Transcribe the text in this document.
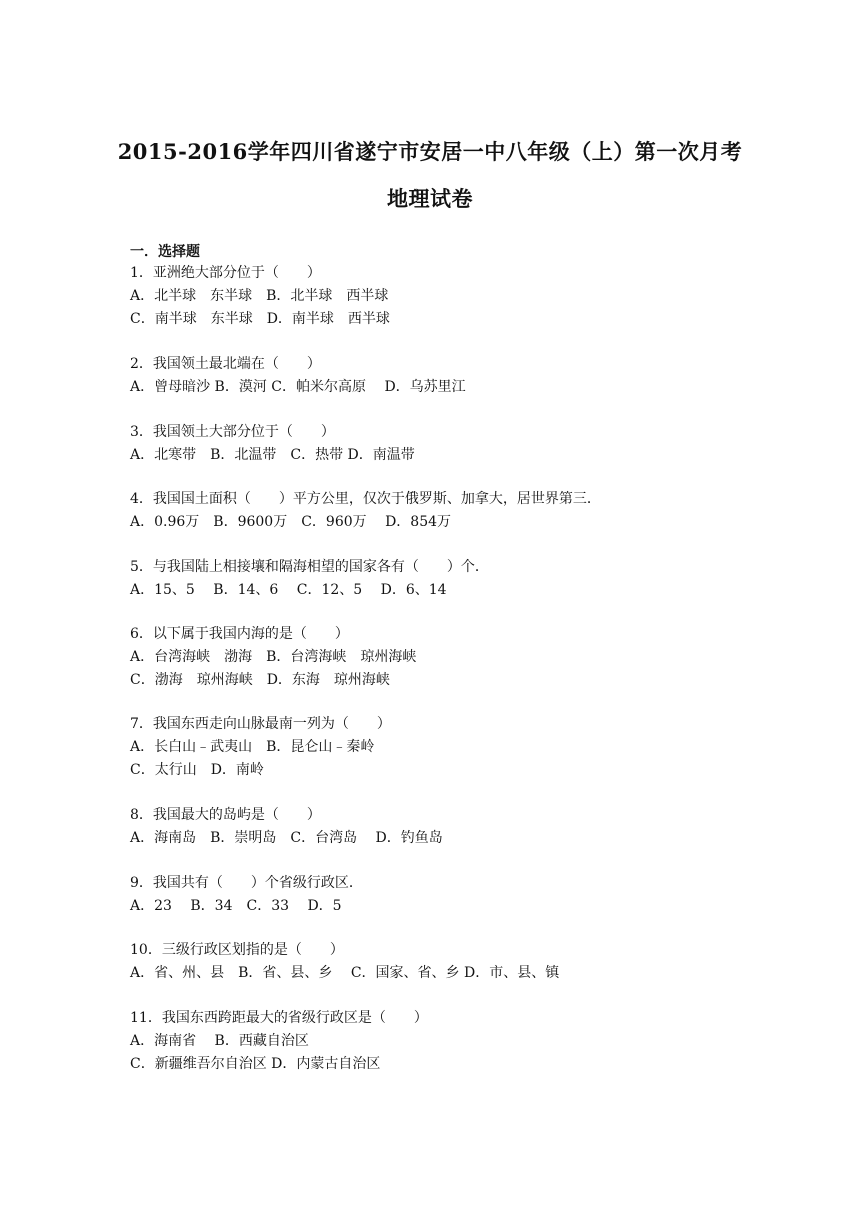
2015-2016学年四川省遂宁市安居一中八年级（上）第一次月考
地理试卷
一．选择题
1．亚洲绝大部分位于（　　）
A．北半球　东半球　B．北半球　西半球
C．南半球　东半球　D．南半球　西半球
2．我国领土最北端在（　　）
A．曾母暗沙 B．漠河 C．帕米尔高原　 D．乌苏里江
3．我国领土大部分位于（　　）
A．北寒带　B．北温带　C．热带 D．南温带
4．我国国土面积（　　）平方公里，仅次于俄罗斯、加拿大，居世界第三．
A．0.96万　B．9600万　C．960万　 D．854万
5．与我国陆上相接壤和隔海相望的国家各有（　　）个．
A．15、5　 B．14、6　 C．12、5　 D．6、14
6．以下属于我国内海的是（　　）
A．台湾海峡　渤海　B．台湾海峡　琼州海峡
C．渤海　琼州海峡　D．东海　琼州海峡
7．我国东西走向山脉最南一列为（　　）
A．长白山﹣武夷山　B．昆仑山﹣秦岭
C．太行山　D．南岭
8．我国最大的岛屿是（　　）
A．海南岛　B．崇明岛　C．台湾岛　 D．钓鱼岛
9．我国共有（　　）个省级行政区．
A．23　 B．34　C．33　 D．5
10．三级行政区划指的是（　　）
A．省、州、县　B．省、县、乡　 C．国家、省、乡 D．市、县、镇
11．我国东西跨距最大的省级行政区是（　　）
A．海南省　 B．西藏自治区
C．新疆维吾尔自治区 D．内蒙古自治区
